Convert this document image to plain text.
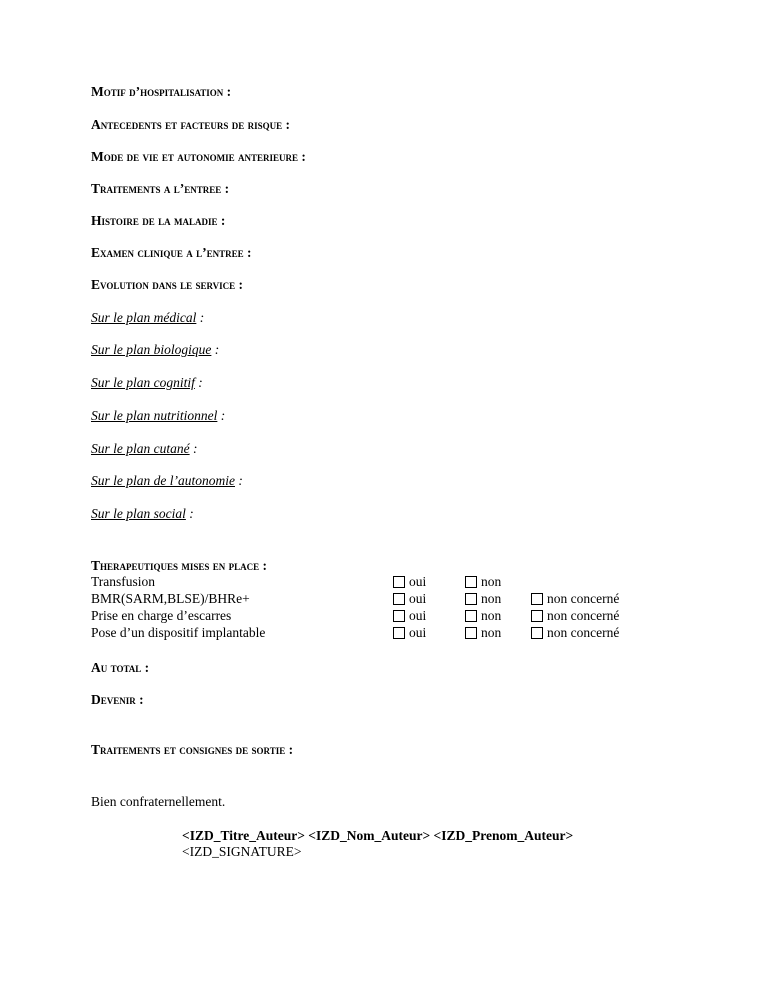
Motif d’hospitalisation :
Antecedents et facteurs de risque :
Mode de vie et autonomie anterieure :
Traitements a l’entree :
Histoire de la maladie :
Examen clinique a l’entree :
Evolution dans le service :
Sur le plan médical :
Sur le plan biologique :
Sur le plan cognitif :
Sur le plan nutritionnel :
Sur le plan cutané :
Sur le plan de l’autonomie :
Sur le plan social :
Therapeutiques mises en place :
Transfusion	oui	non
BMR(SARM,BLSE)/BHRe+	oui	non	non concerné
Prise en charge d’escarres	oui	non	non concerné
Pose d’un dispositif implantable	oui	non	non concerné
Au total :
Devenir :
Traitements et consignes de sortie :
Bien confraternellement.
<IZD_Titre_Auteur> <IZD_Nom_Auteur> <IZD_Prenom_Auteur>
<IZD_SIGNATURE>
